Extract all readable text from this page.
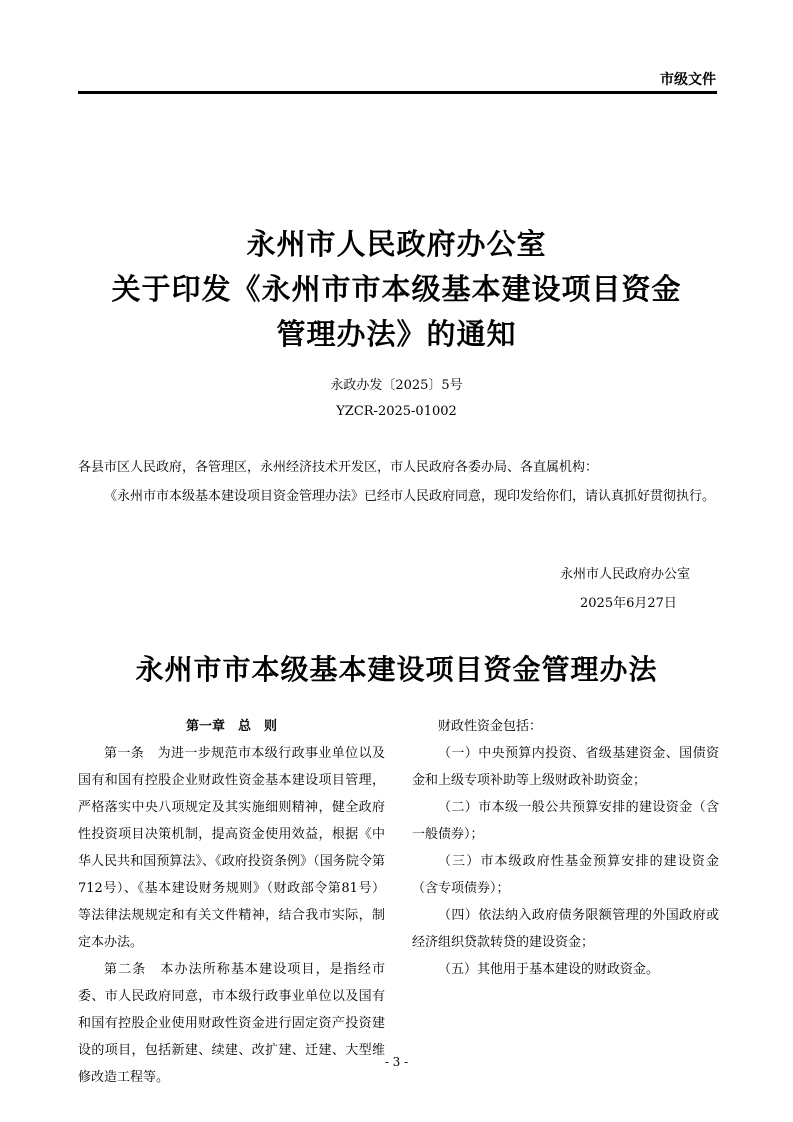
市级文件
永州市人民政府办公室
关于印发《永州市市本级基本建设项目资金
管理办法》的通知
永政办发〔2025〕5号
YZCR-2025-01002

各县市区人民政府，各管理区，永州经济技术开发区，市人民政府各委办局、各直属机构：

《永州市市本级基本建设项目资金管理办法》已经市人民政府同意，现印发给你们，请认真抓好贯彻执行。

永州市人民政府办公室
2025年6月27日
永州市市本级基本建设项目资金管理办法

第一章　总　则

第一条　为进一步规范市本级行政事业单位以及国有和国有控股企业财政性资金基本建设项目管理，严格落实中央八项规定及其实施细则精神，健全政府性投资项目决策机制，提高资金使用效益，根据《中华人民共和国预算法》、《政府投资条例》（国务院令第712号）、《基本建设财务规则》（财政部令第81号）等法律法规规定和有关文件精神，结合我市实际，制定本办法。

第二条　本办法所称基本建设项目，是指经市委、市人民政府同意，市本级行政事业单位以及国有和国有控股企业使用财政性资金进行固定资产投资建设的项目，包括新建、续建、改扩建、迁建、大型维修改造工程等。

财政性资金包括：

（一）中央预算内投资、省级基建资金、国债资金和上级专项补助等上级财政补助资金；

（二）市本级一般公共预算安排的建设资金（含一般债券）；

（三）市本级政府性基金预算安排的建设资金（含专项债券）；

（四）依法纳入政府债务限额管理的外国政府或经济组织贷款转贷的建设资金；

（五）其他用于基本建设的财政资金。

- 3 -
